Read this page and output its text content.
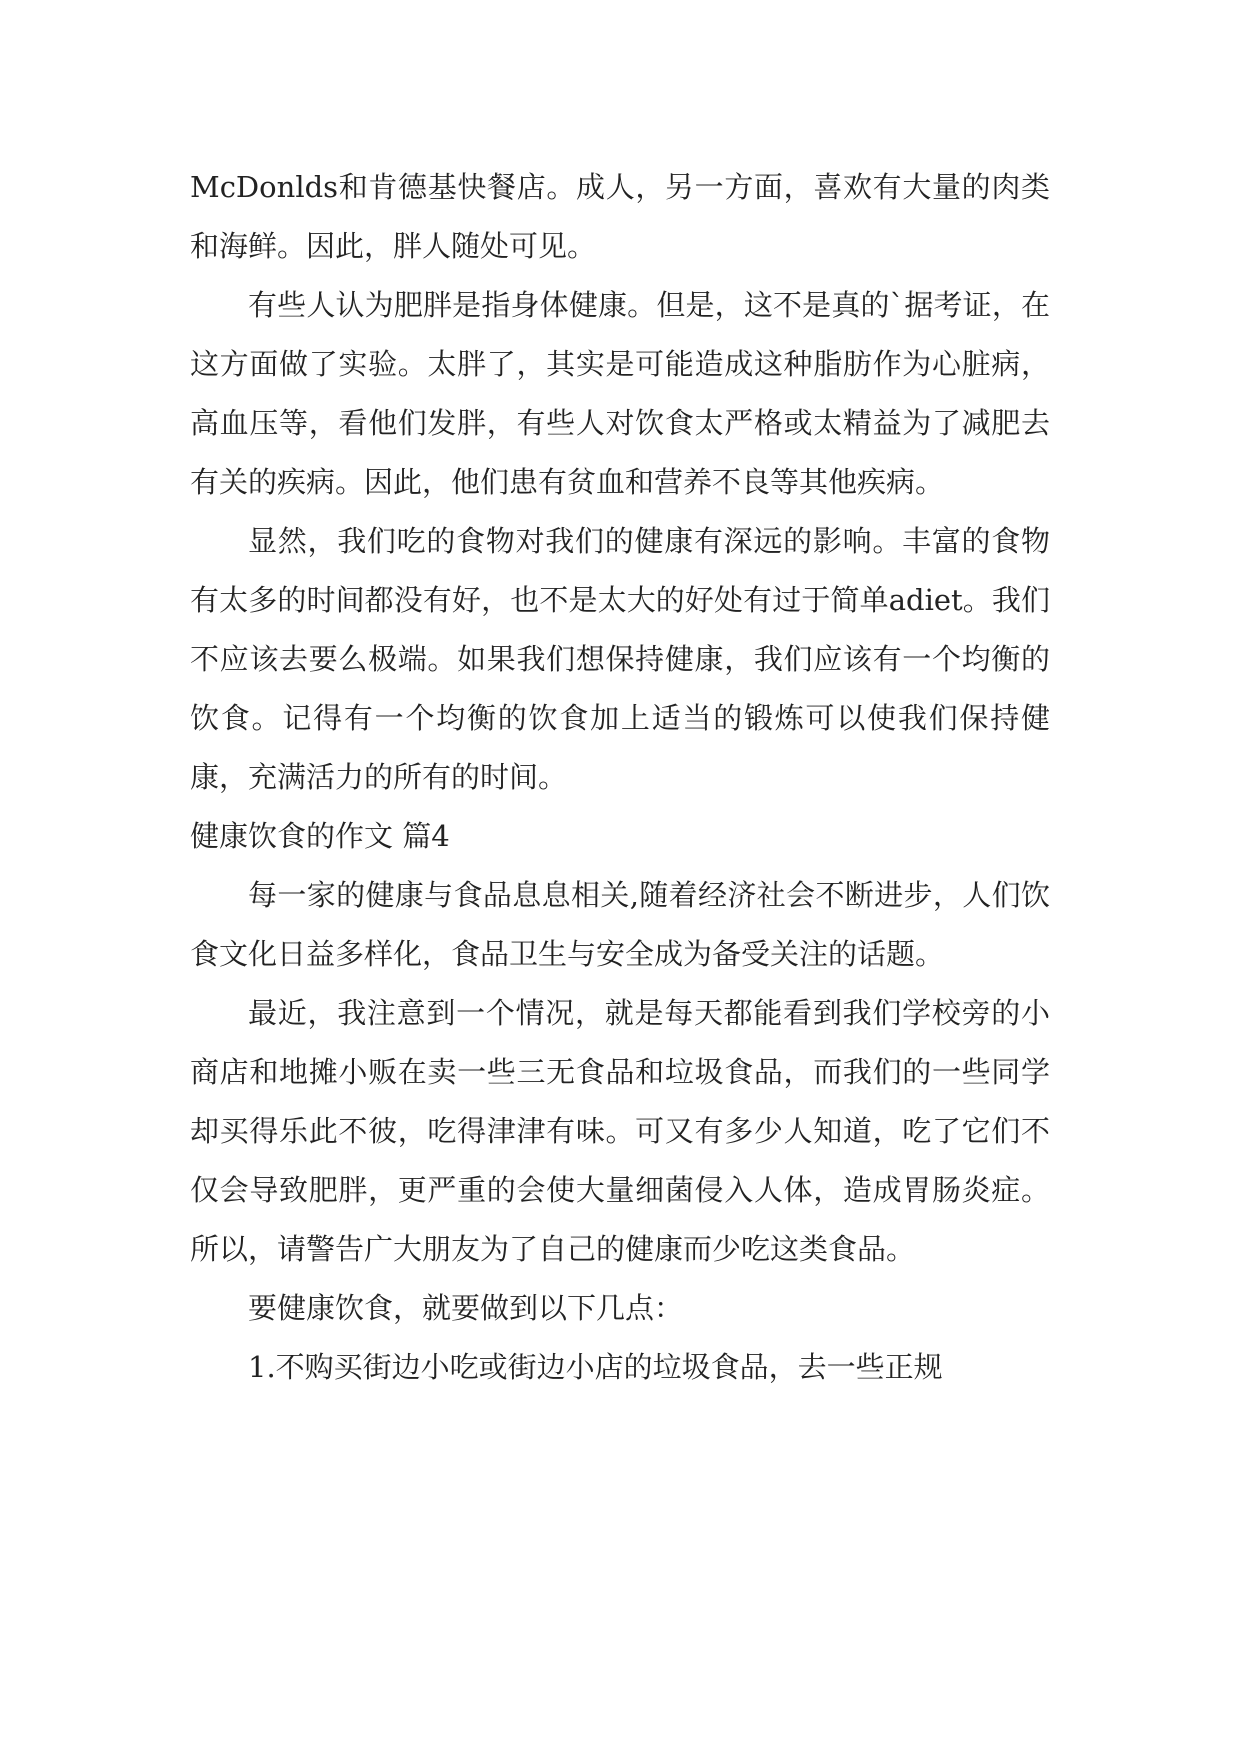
McDonlds和肯德基快餐店。成人，另一方面，喜欢有大量的肉类和海鲜。因此，胖人随处可见。

有些人认为肥胖是指身体健康。但是，这不是真的`据考证，在这方面做了实验。太胖了，其实是可能造成这种脂肪作为心脏病，高血压等，看他们发胖，有些人对饮食太严格或太精益为了减肥去有关的疾病。因此，他们患有贫血和营养不良等其他疾病。

显然，我们吃的食物对我们的健康有深远的影响。丰富的食物有太多的时间都没有好，也不是太大的好处有过于简单adiet。我们不应该去要么极端。如果我们想保持健康，我们应该有一个均衡的饮食。记得有一个均衡的饮食加上适当的锻炼可以使我们保持健康，充满活力的所有的时间。

健康饮食的作文 篇4

每一家的健康与食品息息相关,随着经济社会不断进步，人们饮食文化日益多样化，食品卫生与安全成为备受关注的话题。

最近，我注意到一个情况，就是每天都能看到我们学校旁的小商店和地摊小贩在卖一些三无食品和垃圾食品，而我们的一些同学却买得乐此不彼，吃得津津有味。可又有多少人知道，吃了它们不仅会导致肥胖，更严重的会使大量细菌侵入人体，造成胃肠炎症。所以，请警告广大朋友为了自己的健康而少吃这类食品。

要健康饮食，就要做到以下几点：

1.不购买街边小吃或街边小店的垃圾食品，去一些正规
